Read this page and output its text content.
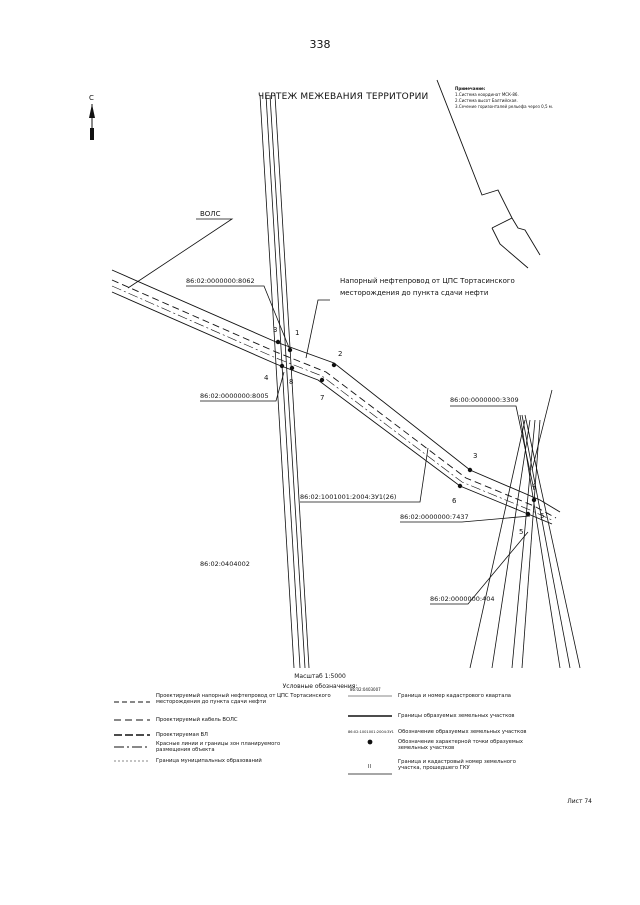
338
ЧЕРТЕЖ МЕЖЕВАНИЯ ТЕРРИТОРИИ
Примечание:
1.Система координат МСК-86.
2.Система высот Балтийская.
3.Сечение горизонталей рельефа через 0,5 м.
С
1
2
3
4
5
6
7
8
3
4
5
ВОЛС
Напорный нефтепровод от ЦПС Тортасинского
месторождения до пункта сдачи нефти
86:02:0000000:8062
86:02:0000000:8005	86:00:0000000:3309
86:02:1001001:2004:ЗУ1(26)
86:02:0000000:7437
86:02:0000000:404
86:02:0404002
86:02:0403007
86:02:1001001:2004:ЗУ1
II
Масштаб 1:5000
Условные обозначения:
Проектируемый напорный нефтепровод от ЦПС Тортасинского месторождения до пункта сдачи нефти
Проектируемый кабель ВОЛС
Проектируемая ВЛ
Красные линии и границы зон планируемого размещения объекта
Граница муниципальных образований
Граница и номер кадастрового квартала
Границы образуемых земельных участков
Обозначение образуемых земельных участков
Обозначение характерной точки образуемых земельных участков
Граница и кадастровый номер земельного участка, прошедшего ГКУ
Лист 74
